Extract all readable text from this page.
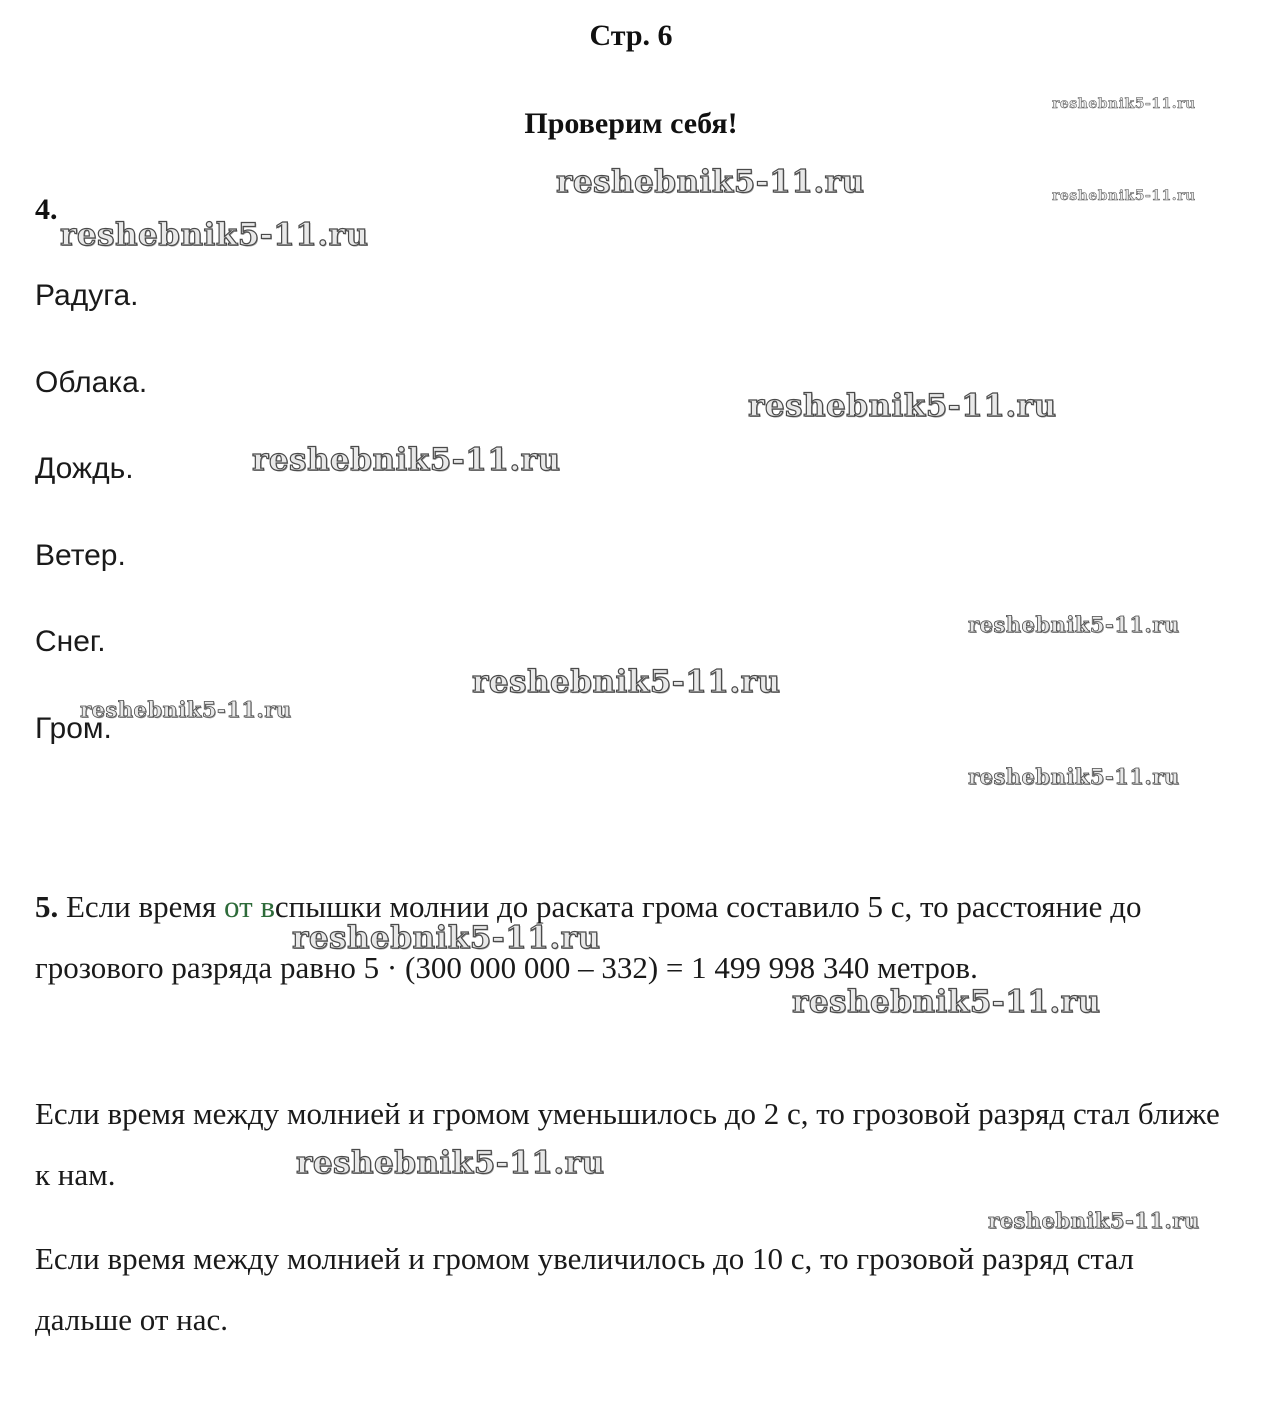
Стр. 6
Проверим себя!
4.
Радуга.
Облака.
Дождь.
Ветер.
Снег.
Гром.

5. Если время от вспышки молнии до раската грома составило 5 с, то расстояние до грозового разряда равно 5 · (300 000 000 – 332) = 1 499 998 340 метров.

Если время между молнией и громом уменьшилось до 2 с, то грозовой разряд стал ближе к нам.

Если время между молнией и громом увеличилось до 10 с, то грозовой разряд стал дальше от нас.

reshebnik5-11.ru
reshebnik5-11.ru	reshebnik5-11.ru
reshebnik5-11.ru
reshebnik5-11.ru
reshebnik5-11.ru
reshebnik5-11.ru
reshebnik5-11.ru
reshebnik5-11.ru
reshebnik5-11.ru
reshebnik5-11.ru
reshebnik5-11.ru
reshebnik5-11.ru
reshebnik5-11.ru
